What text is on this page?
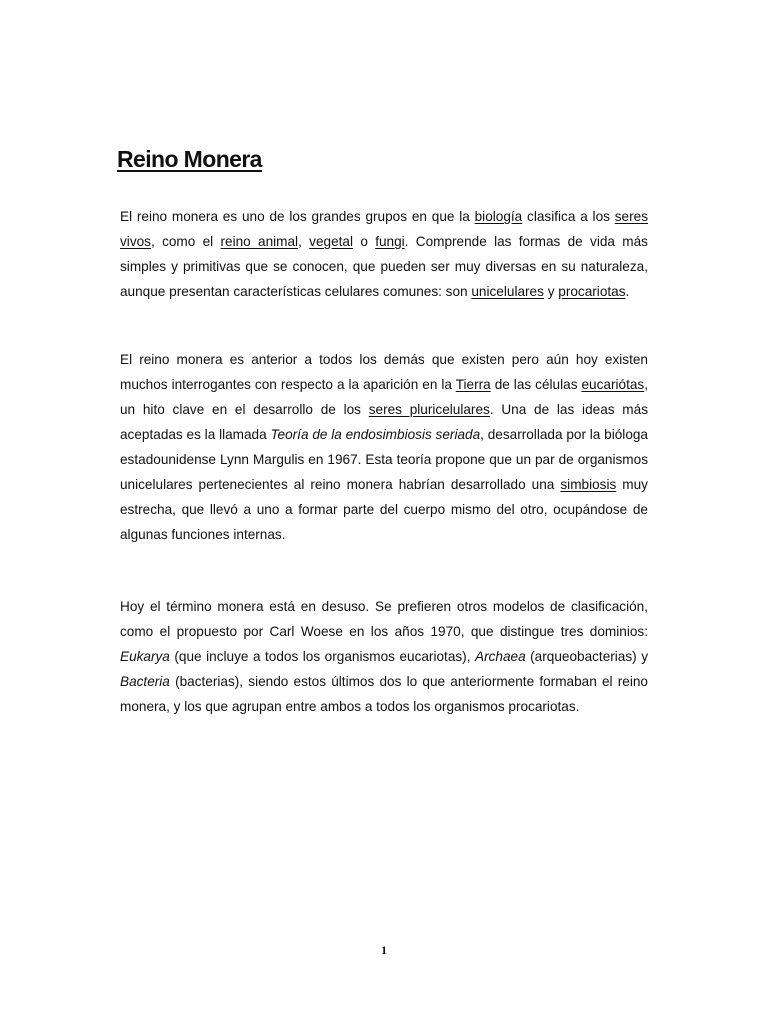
Reino Monera

El reino monera es uno de los grandes grupos en que la biología clasifica a los seres vivos, como el reino animal, vegetal o fungi. Comprende las formas de vida más simples y primitivas que se conocen, que pueden ser muy diversas en su naturaleza, aunque presentan características celulares comunes: son unicelulares y procariotas.

El reino monera es anterior a todos los demás que existen pero aún hoy existen muchos interrogantes con respecto a la aparición en la Tierra de las células eucariótas, un hito clave en el desarrollo de los seres pluricelulares. Una de las ideas más aceptadas es la llamada Teoría de la endosimbiosis seriada, desarrollada por la bióloga estadounidense Lynn Margulis en 1967. Esta teoría propone que un par de organismos unicelulares pertenecientes al reino monera habrían desarrollado una simbiosis muy estrecha, que llevó a uno a formar parte del cuerpo mismo del otro, ocupándose de algunas funciones internas.

Hoy el término monera está en desuso. Se prefieren otros modelos de clasificación, como el propuesto por Carl Woese en los años 1970, que distingue tres dominios: Eukarya (que incluye a todos los organismos eucariotas), Archaea (arqueobacterias) y Bacteria (bacterias), siendo estos últimos dos lo que anteriormente formaban el reino monera, y los que agrupan entre ambos a todos los organismos procariotas.

1
